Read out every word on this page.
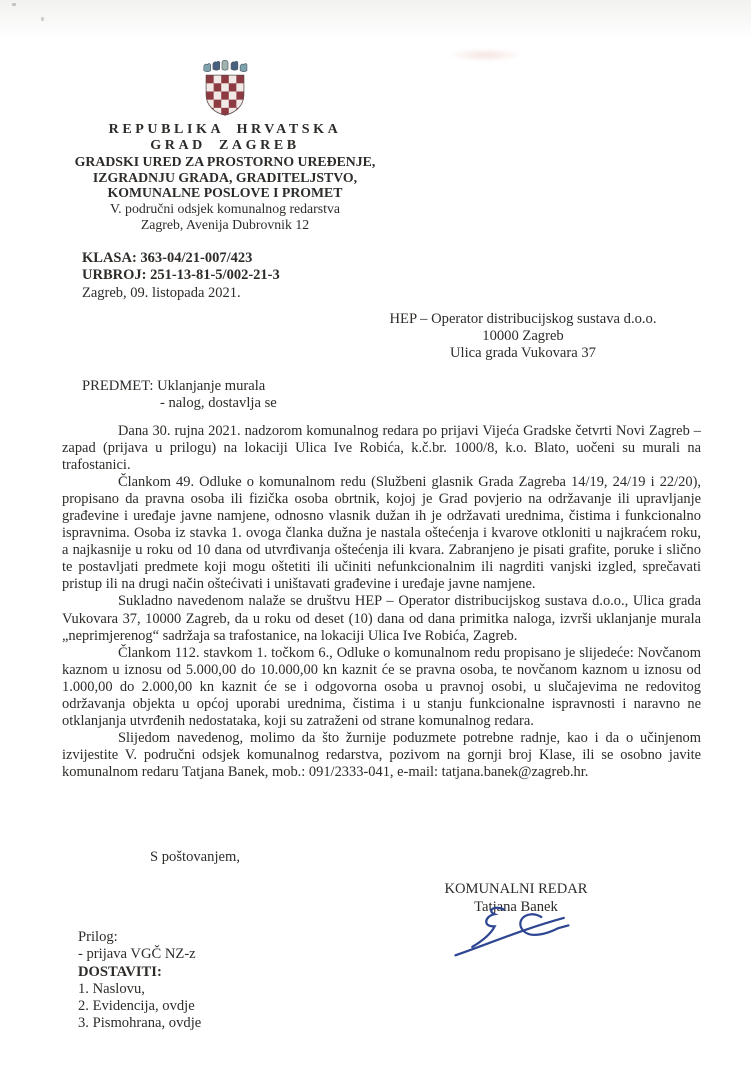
REPUBLIKA HRVATSKA
GRAD ZAGREB
GRADSKI URED ZA PROSTORNO UREĐENJE,
IZGRADNJU GRADA, GRADITELJSTVO,
KOMUNALNE POSLOVE I PROMET
V. područni odsjek komunalnog redarstva
Zagreb, Avenija Dubrovnik 12
KLASA: 363-04/21-007/423
URBROJ: 251-13-81-5/002-21-3
Zagreb, 09. listopada 2021.
HEP – Operator distribucijskog sustava d.o.o.
10000 Zagreb
Ulica grada Vukovara 37
PREDMET: Uklanjanje murala
- nalog, dostavlja se

Dana 30. rujna 2021. nadzorom komunalnog redara po prijavi Vijeća Gradske četvrti Novi Zagreb – zapad (prijava u prilogu) na lokaciji Ulica Ive Robića, k.č.br. 1000/8, k.o. Blato, uočeni su murali na trafostanici.

Člankom 49. Odluke o komunalnom redu (Službeni glasnik Grada Zagreba 14/19, 24/19 i 22/20), propisano da pravna osoba ili fizička osoba obrtnik, kojoj je Grad povjerio na održavanje ili upravljanje građevine i uređaje javne namjene, odnosno vlasnik dužan ih je održavati urednima, čistima i funkcionalno ispravnima. Osoba iz stavka 1. ovoga članka dužna je nastala oštećenja i kvarove otkloniti u najkraćem roku, a najkasnije u roku od 10 dana od utvrđivanja oštećenja ili kvara. Zabranjeno je pisati grafite, poruke i slično te postavljati predmete koji mogu oštetiti ili učiniti nefunkcionalnim ili nagrditi vanjski izgled, sprečavati pristup ili na drugi način oštećivati i uništavati građevine i uređaje javne namjene.

Sukladno navedenom nalaže se društvu HEP – Operator distribucijskog sustava d.o.o., Ulica grada Vukovara 37, 10000 Zagreb, da u roku od deset (10) dana od dana primitka naloga, izvrši uklanjanje murala „neprimjerenog“ sadržaja sa trafostanice, na lokaciji Ulica Ive Robića, Zagreb.

Člankom 112. stavkom 1. točkom 6., Odluke o komunalnom redu propisano je slijedeće: Novčanom kaznom u iznosu od 5.000,00 do 10.000,00 kn kaznit će se pravna osoba, te novčanom kaznom u iznosu od 1.000,00 do 2.000,00 kn kaznit će se i odgovorna osoba u pravnoj osobi, u slučajevima ne redovitog održavanja objekta u općoj uporabi urednima, čistima i u stanju funkcionalne ispravnosti i naravno ne otklanjanja utvrđenih nedostataka, koji su zatraženi od strane komunalnog redara.

Slijedom navedenog, molimo da što žurnije poduzmete potrebne radnje, kao i da o učinjenom izvijestite V. područni odsjek komunalnog redarstva, pozivom na gornji broj Klase, ili se osobno javite komunalnom redaru Tatjana Banek, mob.: 091/2333-041, e-mail: tatjana.banek@zagreb.hr.

S poštovanjem,
KOMUNALNI REDAR
Tatjana Banek
Prilog:
- prijava VGČ NZ-z
DOSTAVITI:
1. Naslovu,
2. Evidencija, ovdje
3. Pismohrana, ovdje
